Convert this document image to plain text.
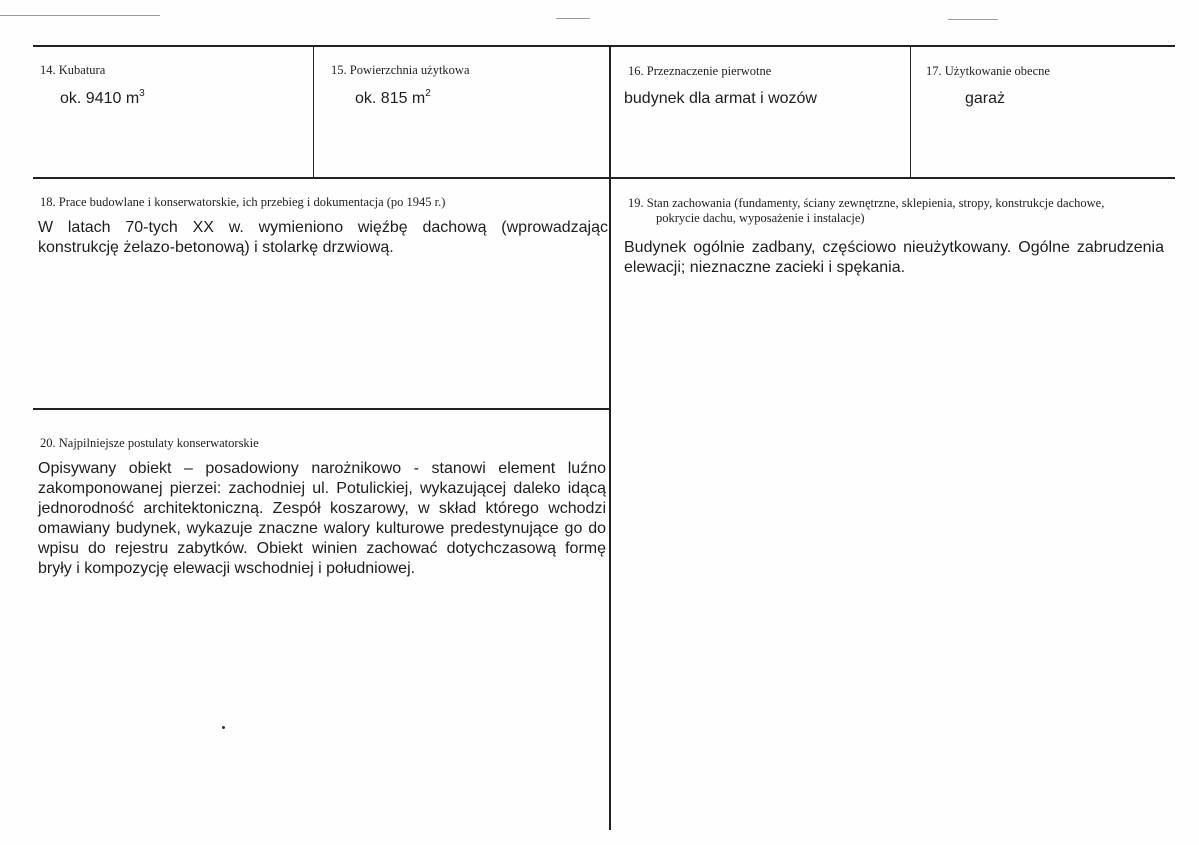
14. Kubatura
ok. 9410 $m^3$
15. Powierzchnia użytkowa
ok. 815 $m^2$
16. Przeznaczenie pierwotne
budynek dla armat i wozów
17. Użytkowanie obecne
garaż
18. Prace budowlane i konserwatorskie, ich przebieg i dokumentacja (po 1945 r.)
W latach 70-tych XX w. wymieniono więźbę dachową (wprowadzając konstrukcję żelazo-betonową) i stolarkę drzwiową.
19. Stan zachowania (fundamenty, ściany zewnętrzne, sklepienia, stropy, konstrukcje dachowe, pokrycie dachu, wyposażenie i instalacje)
Budynek ogólnie zadbany, częściowo nieużytkowany. Ogólne zabrudzenia elewacji; nieznaczne zacieki i spękania.
20. Najpilniejsze postulaty konserwatorskie
Opisywany obiekt – posadowiony narożnikowo - stanowi element luźno zakomponowanej pierzei: zachodniej ul. Potulickiej, wykazującej daleko idącą jednorodność architektoniczną. Zespół koszarowy, w skład którego wchodzi omawiany budynek, wykazuje znaczne walory kulturowe predestynujące go do wpisu do rejestru zabytków. Obiekt winien zachować dotychczasową formę bryły i kompozycję elewacji wschodniej i południowej.
